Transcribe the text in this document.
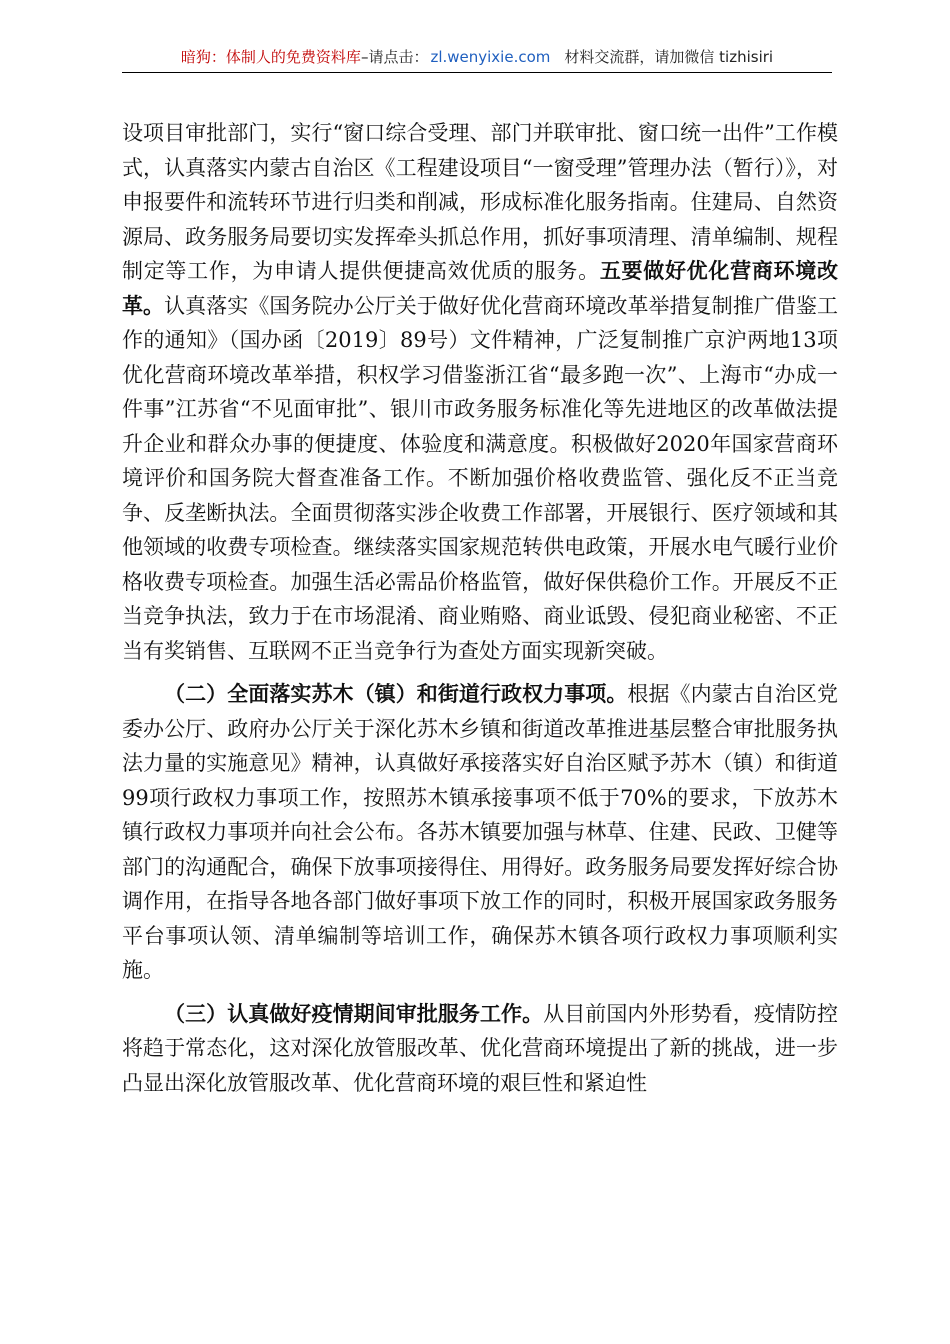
暗狗：体制人的免费资料库–请点击： zl.wenyixie.com 材料交流群，请加微信 tizhisiri

设项目审批部门，实行“窗口综合受理、部门并联审批、窗口统一出件”工作模式，认真落实内蒙古自治区《工程建设项目“一窗受理”管理办法（暂行）》，对申报要件和流转环节进行归类和削减，形成标准化服务指南。住建局、自然资源局、政务服务局要切实发挥牵头抓总作用，抓好事项清理、清单编制、规程制定等工作，为申请人提供便捷高效优质的服务。五要做好优化营商环境改革。认真落实《国务院办公厅关于做好优化营商环境改革举措复制推广借鉴工作的通知》（国办函〔2019〕89号）文件精神，广泛复制推广京沪两地13项优化营商环境改革举措，积权学习借鉴浙江省“最多跑一次”、上海市“办成一件事”江苏省“不见面审批”、银川市政务服务标准化等先进地区的改革做法提升企业和群众办事的便捷度、体验度和满意度。积极做好2020年国家营商环境评价和国务院大督查准备工作。不断加强价格收费监管、强化反不正当竞争、反垄断执法。全面贯彻落实涉企收费工作部署，开展银行、医疗领域和其他领域的收费专项检查。继续落实国家规范转供电政策，开展水电气暖行业价格收费专项检查。加强生活必需品价格监管，做好保供稳价工作。开展反不正当竞争执法，致力于在市场混淆、商业贿赂、商业诋毁、侵犯商业秘密、不正当有奖销售、互联网不正当竞争行为查处方面实现新突破。

（二）全面落实苏木（镇）和街道行政权力事项。根据《内蒙古自治区党委办公厅、政府办公厅关于深化苏木乡镇和街道改革推进基层整合审批服务执法力量的实施意见》精神，认真做好承接落实好自治区赋予苏木（镇）和街道99项行政权力事项工作，按照苏木镇承接事项不低于70%的要求，下放苏木镇行政权力事项并向社会公布。各苏木镇要加强与林草、住建、民政、卫健等部门的沟通配合，确保下放事项接得住、用得好。政务服务局要发挥好综合协调作用，在指导各地各部门做好事项下放工作的同时，积极开展国家政务服务平台事项认领、清单编制等培训工作，确保苏木镇各项行政权力事项顺利实施。

（三）认真做好疫情期间审批服务工作。从目前国内外形势看，疫情防控将趋于常态化，这对深化放管服改革、优化营商环境提出了新的挑战，进一步凸显出深化放管服改革、优化营商环境的艰巨性和紧迫性
